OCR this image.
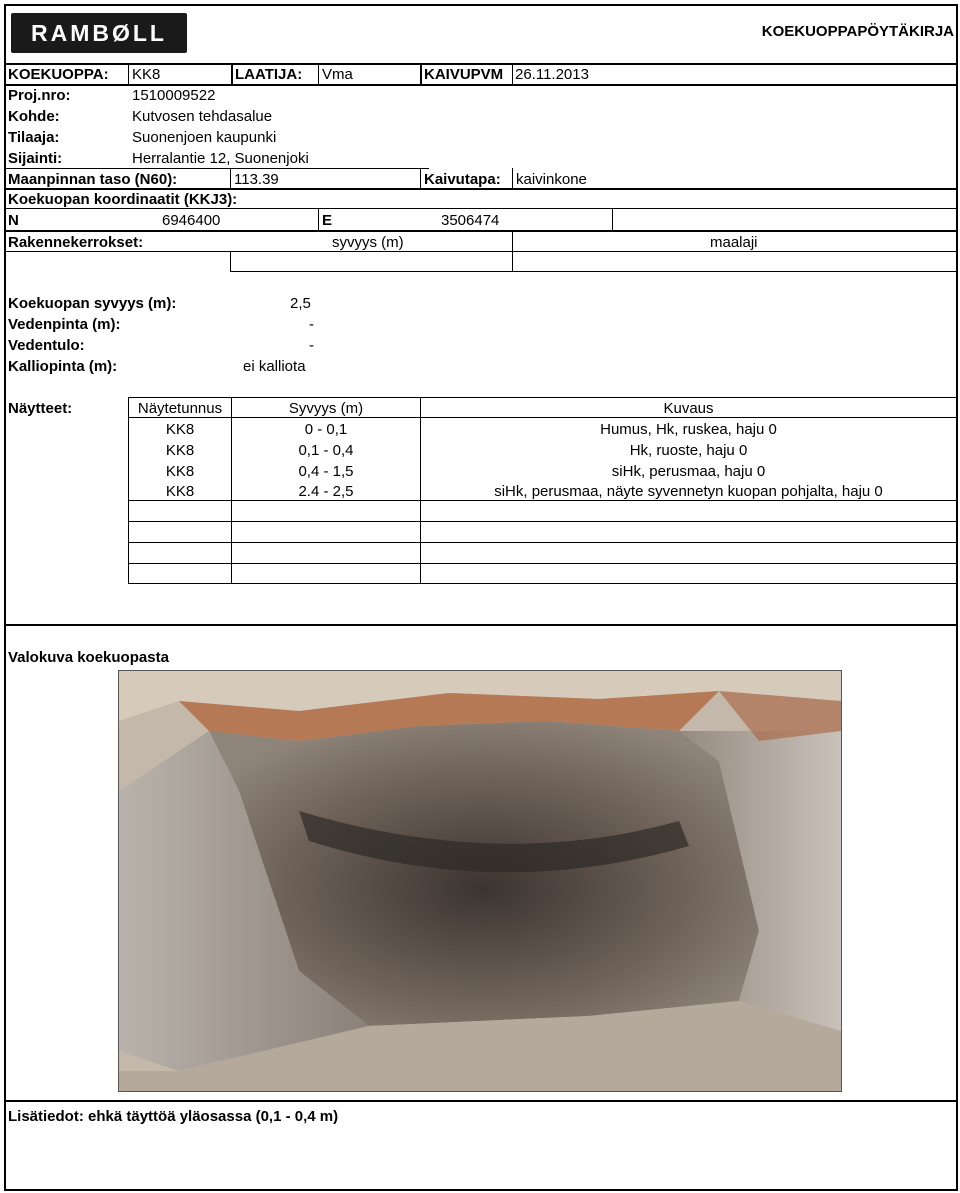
RAMBØLL	KOEKUOPPAPÖYTÄKIRJA
KOEKUOPPA: KK8	LAATIJA: Vma	KAIVUPVM 26.11.2013
Proj.nro:	1510009522
Kohde:	Kutvosen tehdasalue
Tilaaja:	Suonenjoen kaupunki
Sijainti:	Herralantie 12, Suonenjoki
Maanpinnan taso (N60):	113.39	Kaivutapa: kaivinkone
Koekuopan koordinaatit (KKJ3):
N	6946400	E	3506474
Rakennekerrokset:	syvyys (m)	maalaji
Koekuopan syvyys (m):	2,5
Vedenpinta (m):	-
Vedentulo:	-
Kalliopinta (m):	ei kalliota
Näytteet:	Näytetunnus	Syvyys (m)	Kuvaus
KK8	0 - 0,1	Humus, Hk, ruskea, haju 0
KK8	0,1 - 0,4	Hk, ruoste, haju 0
KK8	0,4 - 1,5	siHk, perusmaa, haju 0
KK8	2.4 - 2,5	siHk, perusmaa, näyte syvennetyn kuopan pohjalta, haju 0
Valokuva koekuopasta
Lisätiedot: ehkä täyttöä yläosassa (0,1 - 0,4 m)
